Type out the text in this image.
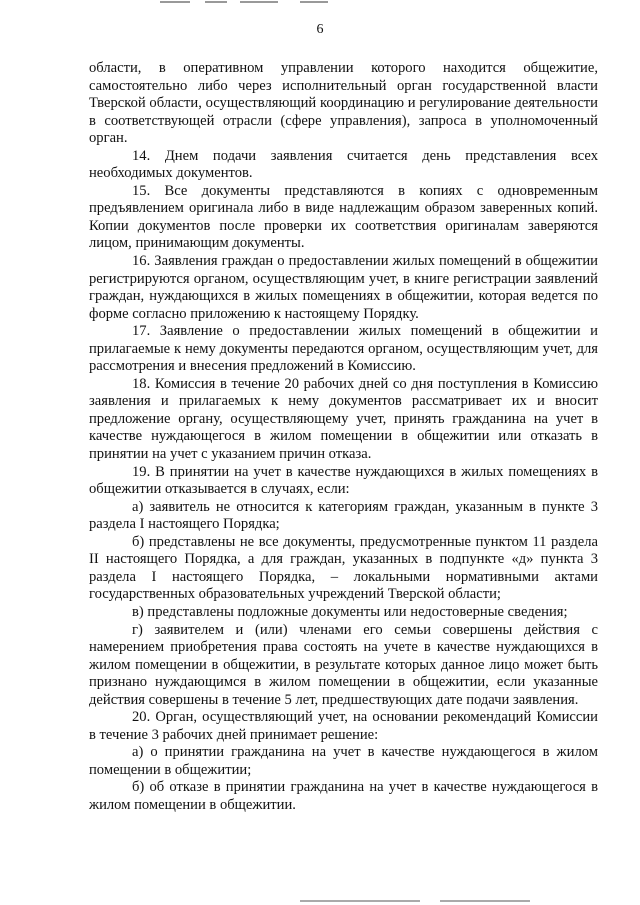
6

области, в оперативном управлении которого находится общежитие, самостоятельно либо через исполнительный орган государственной власти Тверской области, осуществляющий координацию и регулирование деятельности в соответствующей отрасли (сфере управления), запроса в уполномоченный орган.

14. Днем подачи заявления считается день представления всех необходимых документов.

15. Все документы представляются в копиях с одновременным предъявлением оригинала либо в виде надлежащим образом заверенных копий. Копии документов после проверки их соответствия оригиналам заверяются лицом, принимающим документы.

16. Заявления граждан о предоставлении жилых помещений в общежитии регистрируются органом, осуществляющим учет, в книге регистрации заявлений граждан, нуждающихся в жилых помещениях в общежитии, которая ведется по форме согласно приложению к настоящему Порядку.

17. Заявление о предоставлении жилых помещений в общежитии и прилагаемые к нему документы передаются органом, осуществляющим учет, для рассмотрения и внесения предложений в Комиссию.

18. Комиссия в течение 20 рабочих дней со дня поступления в Комиссию заявления и прилагаемых к нему документов рассматривает их и вносит предложение органу, осуществляющему учет, принять гражданина на учет в качестве нуждающегося в жилом помещении в общежитии или отказать в принятии на учет с указанием причин отказа.

19. В принятии на учет в качестве нуждающихся в жилых помещениях в общежитии отказывается в случаях, если:

а) заявитель не относится к категориям граждан, указанным в пункте 3 раздела I настоящего Порядка;

б) представлены не все документы, предусмотренные пунктом 11 раздела II настоящего Порядка, а для граждан, указанных в подпункте «д» пункта 3 раздела I настоящего Порядка, – локальными нормативными актами государственных образовательных учреждений Тверской области;

в) представлены подложные документы или недостоверные сведения;

г) заявителем и (или) членами его семьи совершены действия с намерением приобретения права состоять на учете в качестве нуждающихся в жилом помещении в общежитии, в результате которых данное лицо может быть признано нуждающимся в жилом помещении в общежитии, если указанные действия совершены в течение 5 лет, предшествующих дате подачи заявления.

20. Орган, осуществляющий учет, на основании рекомендаций Комиссии в течение 3 рабочих дней принимает решение:

а) о принятии гражданина на учет в качестве нуждающегося в жилом помещении в общежитии;

б) об отказе в принятии гражданина на учет в качестве нуждающегося в жилом помещении в общежитии.
